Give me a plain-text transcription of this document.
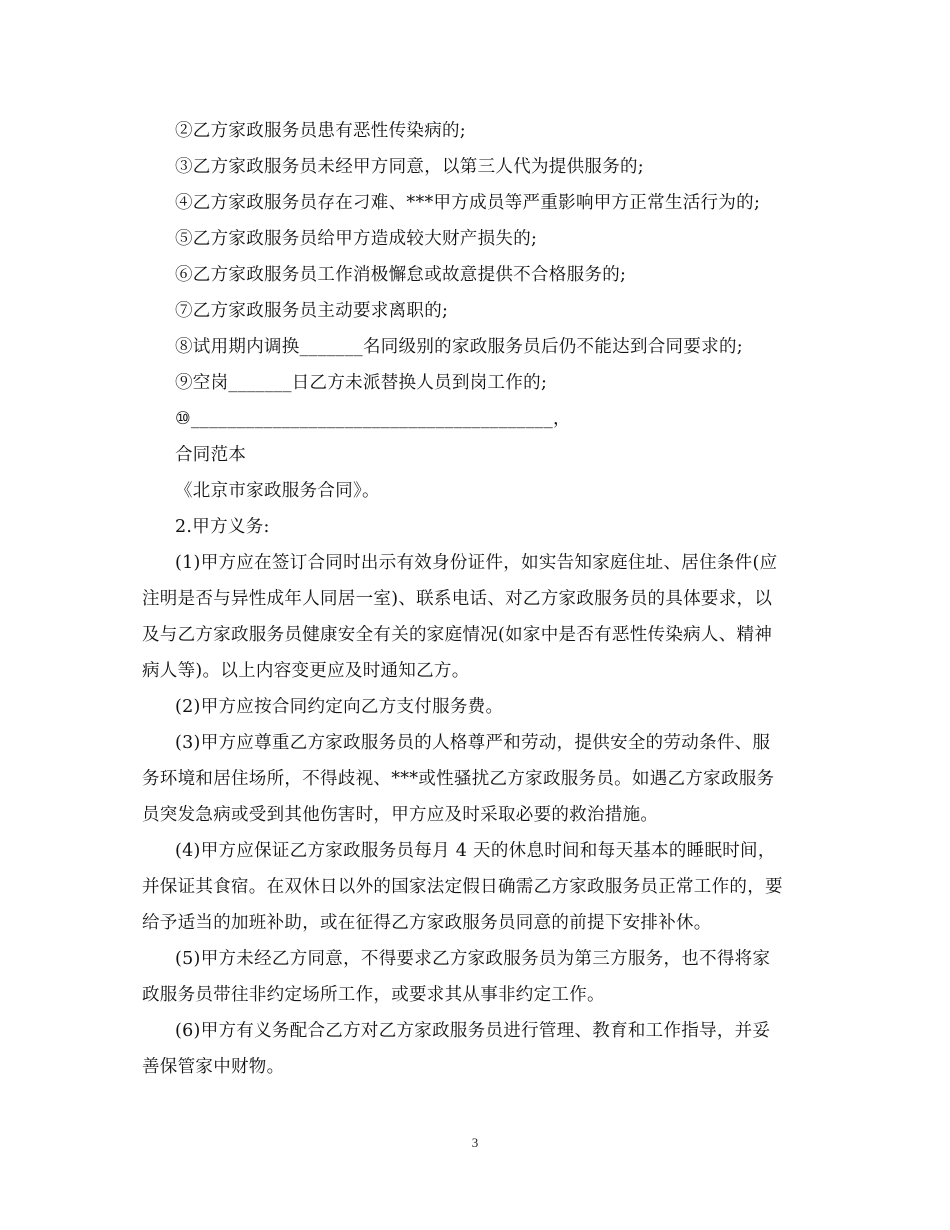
②乙方家政服务员患有恶性传染病的;
③乙方家政服务员未经甲方同意，以第三人代为提供服务的;
④乙方家政服务员存在刁难、***甲方成员等严重影响甲方正常生活行为的;
⑤乙方家政服务员给甲方造成较大财产损失的;
⑥乙方家政服务员工作消极懈怠或故意提供不合格服务的;
⑦乙方家政服务员主动要求离职的;
⑧试用期内调换_______名同级别的家政服务员后仍不能达到合同要求的;
⑨空岗_______日乙方未派替换人员到岗工作的;
⑩________________________________________，
合同范本
《北京市家政服务合同》。
2.甲方义务:
(1)甲方应在签订合同时出示有效身份证件，如实告知家庭住址、居住条件(应
注明是否与异性成年人同居一室)、联系电话、对乙方家政服务员的具体要求，以
及与乙方家政服务员健康安全有关的家庭情况(如家中是否有恶性传染病人、精神
病人等)。以上内容变更应及时通知乙方。
(2)甲方应按合同约定向乙方支付服务费。
(3)甲方应尊重乙方家政服务员的人格尊严和劳动，提供安全的劳动条件、服
务环境和居住场所，不得歧视、***或性骚扰乙方家政服务员。如遇乙方家政服务
员突发急病或受到其他伤害时，甲方应及时采取必要的救治措施。
(4)甲方应保证乙方家政服务员每月 4 天的休息时间和每天基本的睡眠时间，
并保证其食宿。在双休日以外的国家法定假日确需乙方家政服务员正常工作的，要
给予适当的加班补助，或在征得乙方家政服务员同意的前提下安排补休。
(5)甲方未经乙方同意，不得要求乙方家政服务员为第三方服务，也不得将家
政服务员带往非约定场所工作，或要求其从事非约定工作。
(6)甲方有义务配合乙方对乙方家政服务员进行管理、教育和工作指导，并妥
善保管家中财物。
3
